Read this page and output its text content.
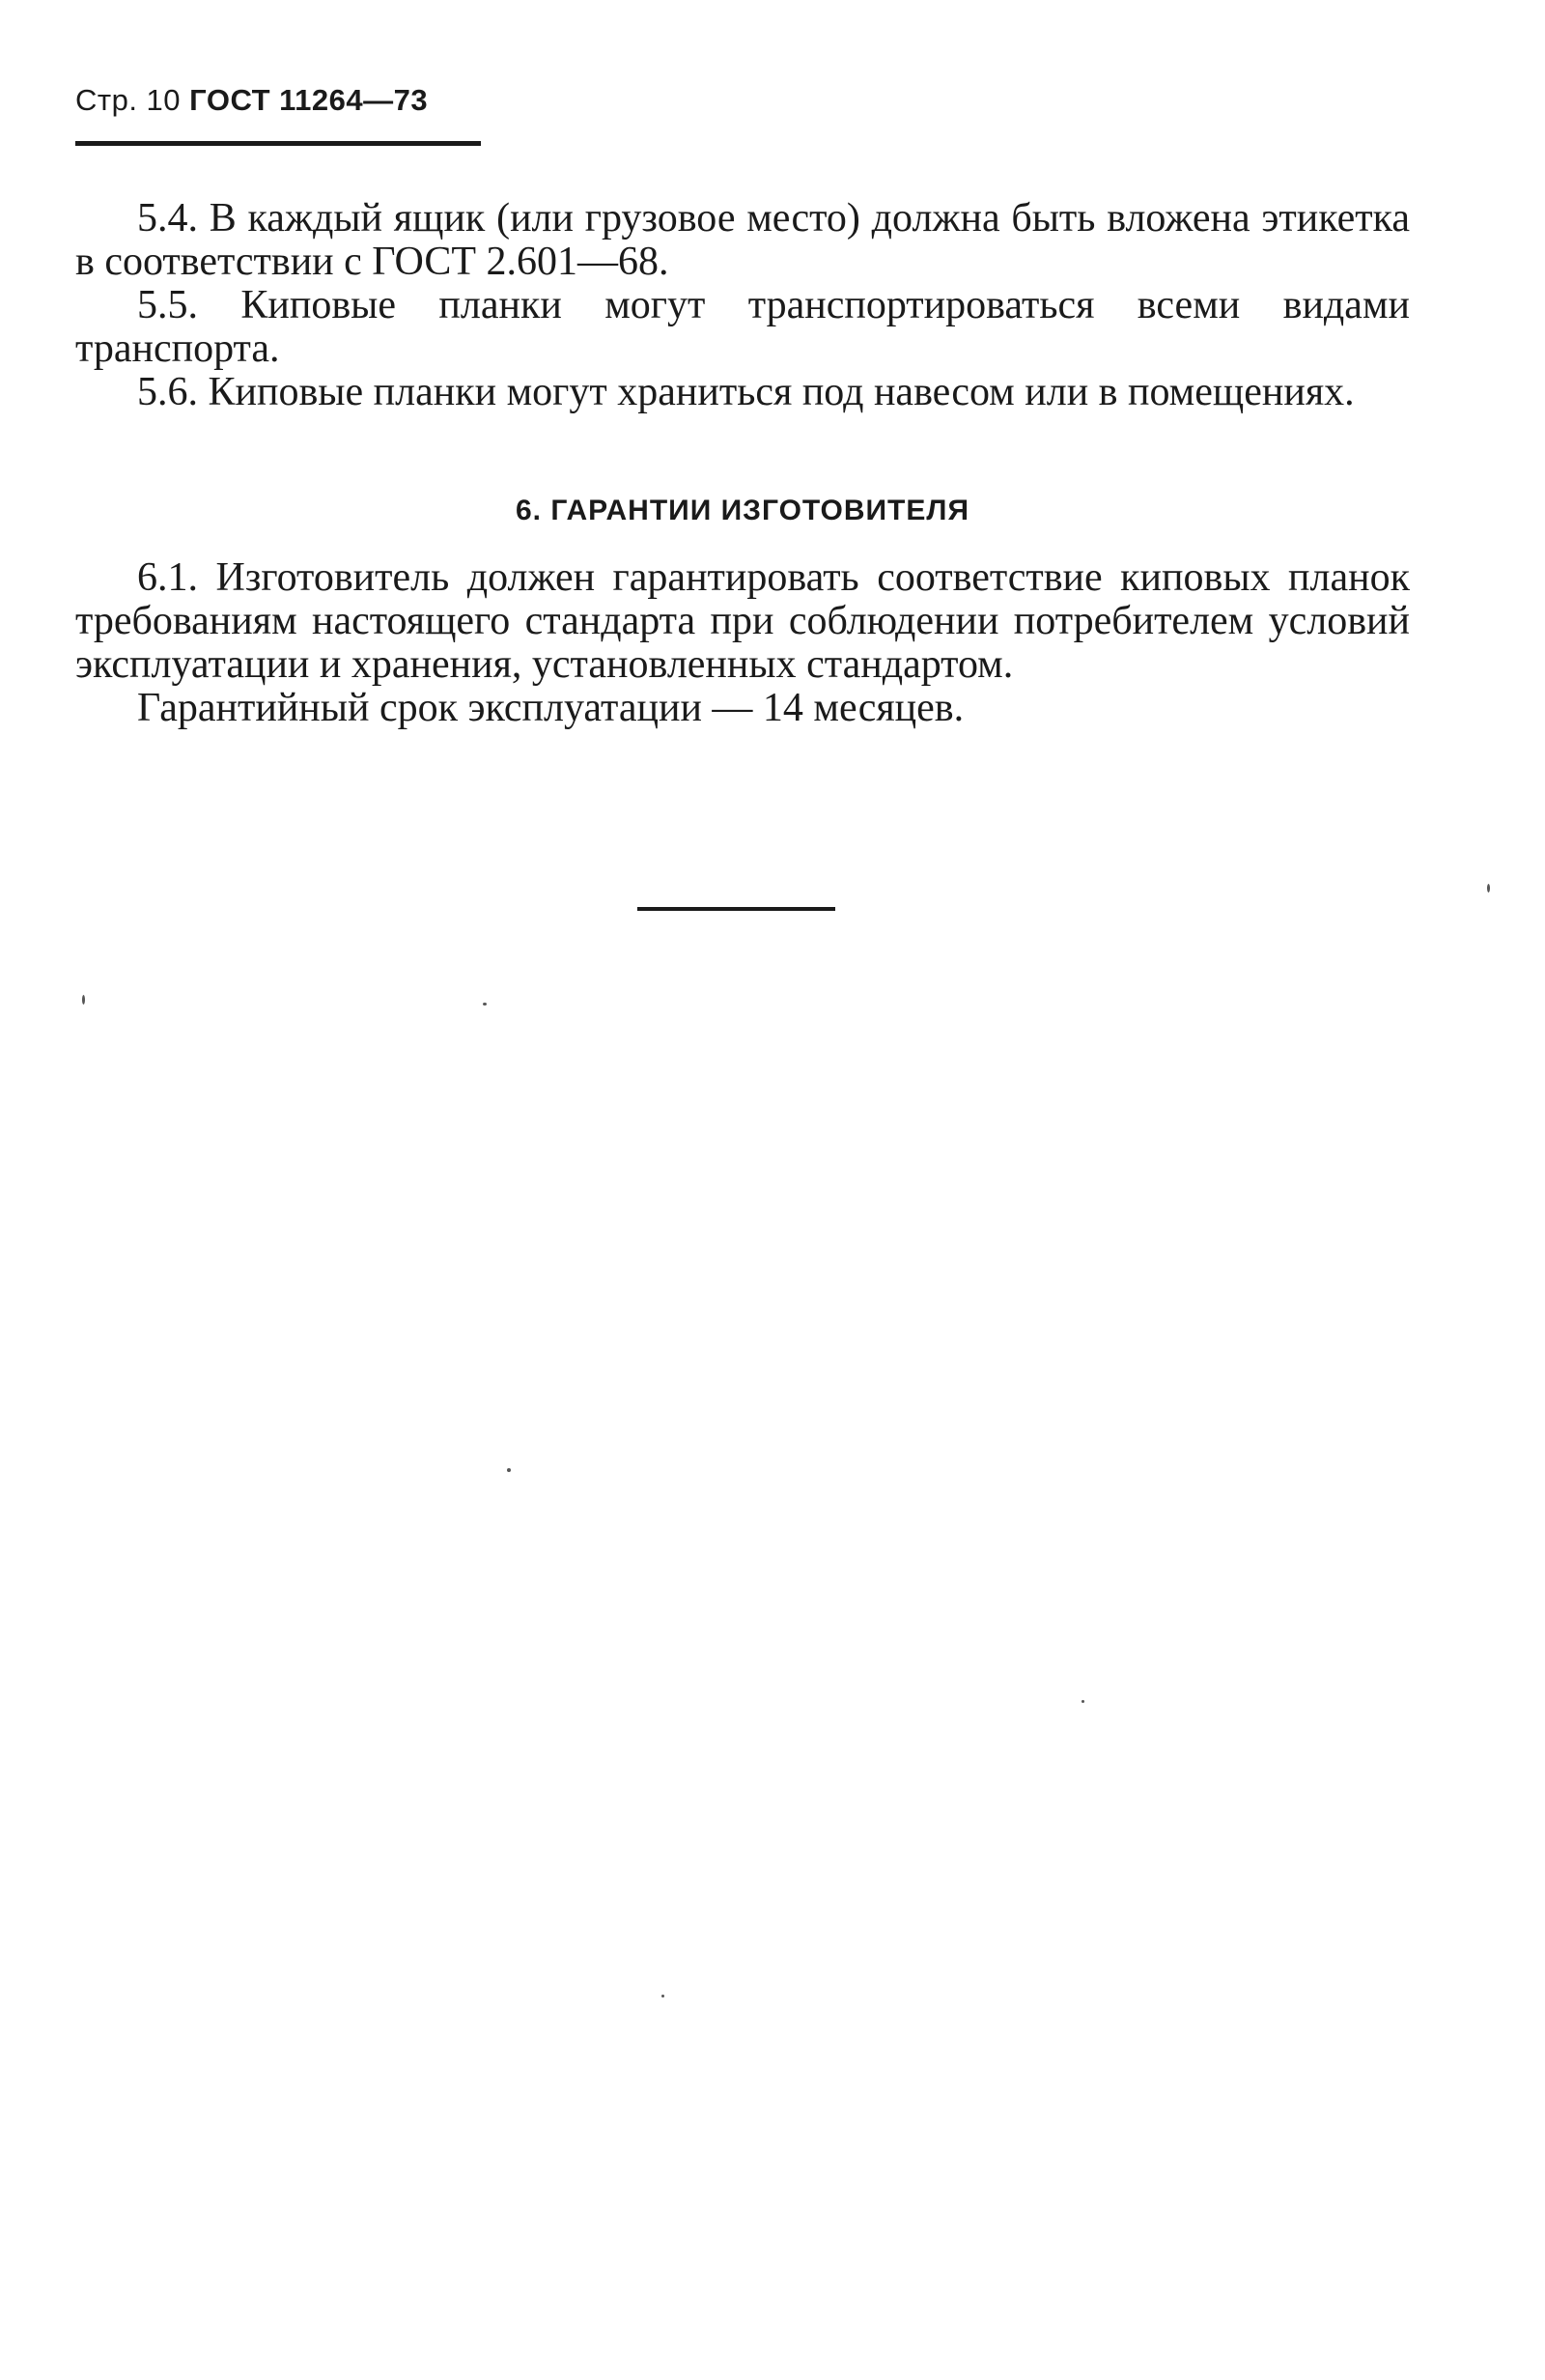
Стр. 10 ГОСТ 11264—73

5.4. В каждый ящик (или грузовое место) должна быть вложена этикетка в соответствии с ГОСТ 2.601—68.

5.5. Киповые планки могут транспортироваться всеми видами транспорта.

5.6. Киповые планки могут храниться под навесом или в помещениях.

6. ГАРАНТИИ ИЗГОТОВИТЕЛЯ

6.1. Изготовитель должен гарантировать соответствие киповых планок требованиям настоящего стандарта при соблюдении потребителем условий эксплуатации и хранения, установленных стандартом.

Гарантийный срок эксплуатации — 14 месяцев.
